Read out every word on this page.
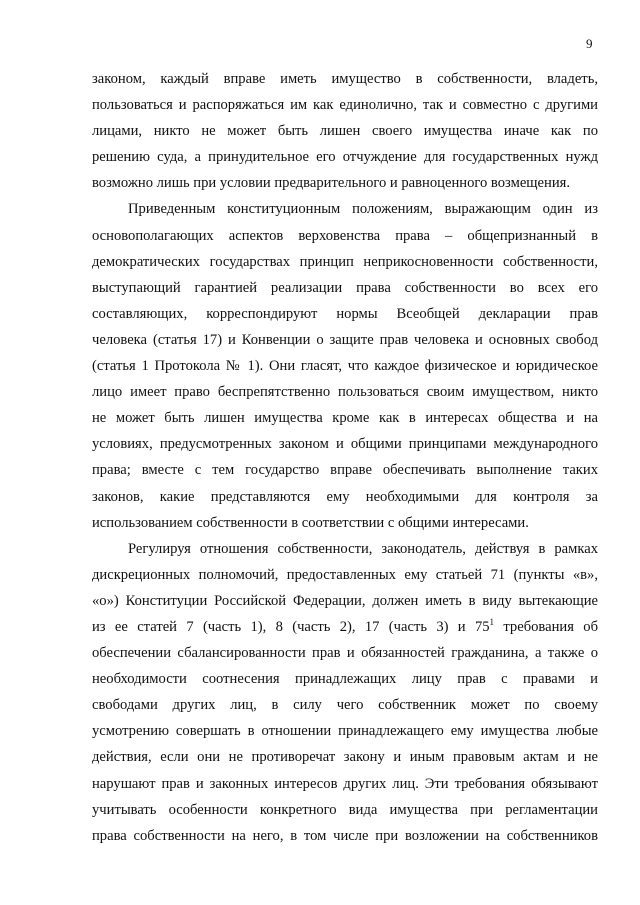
9
законом, каждый вправе иметь имущество в собственности, владеть,
пользоваться и распоряжаться им как единолично, так и совместно с другими
лицами, никто не может быть лишен своего имущества иначе как по
решению суда, а принудительное его отчуждение для государственных нужд
возможно лишь при условии предварительного и равноценного возмещения.
Приведенным конституционным положениям, выражающим один из
основополагающих аспектов верховенства права – общепризнанный в
демократических государствах принцип неприкосновенности собственности,
выступающий гарантией реализации права собственности во всех его
составляющих, корреспондируют нормы Всеобщей декларации прав
человека (статья 17) и Конвенции о защите прав человека и основных свобод
(статья 1 Протокола № 1). Они гласят, что каждое физическое и юридическое
лицо имеет право беспрепятственно пользоваться своим имуществом, никто
не может быть лишен имущества кроме как в интересах общества и на
условиях, предусмотренных законом и общими принципами международного
права; вместе с тем государство вправе обеспечивать выполнение таких
законов, какие представляются ему необходимыми для контроля за
использованием собственности в соответствии с общими интересами.
Регулируя отношения собственности, законодатель, действуя в рамках
дискреционных полномочий, предоставленных ему статьей 71 (пункты «в»,
«о») Конституции Российской Федерации, должен иметь в виду вытекающие
из ее статей 7 (часть 1), 8 (часть 2), 17 (часть 3) и $75^1$ требования об
обеспечении сбалансированности прав и обязанностей гражданина, а также о
необходимости соотнесения принадлежащих лицу прав с правами и
свободами других лиц, в силу чего собственник может по своему
усмотрению совершать в отношении принадлежащего ему имущества любые
действия, если они не противоречат закону и иным правовым актам и не
нарушают прав и законных интересов других лиц. Эти требования обязывают
учитывать особенности конкретного вида имущества при регламентации
права собственности на него, в том числе при возложении на собственников
